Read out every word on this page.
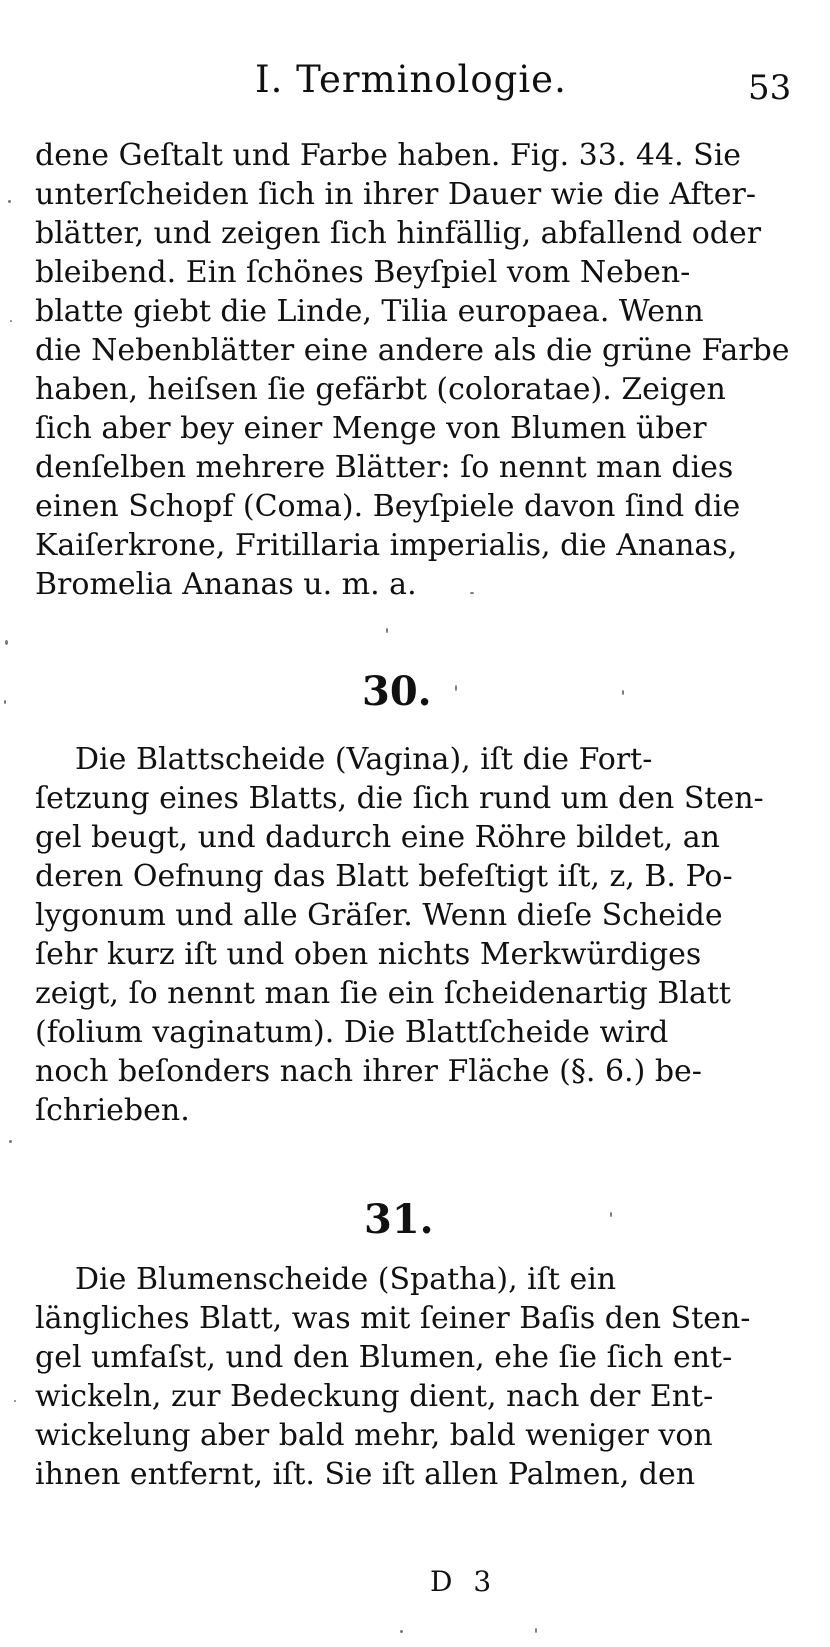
I. Terminologie.	53
dene Geſtalt und Farbe haben. Fig. 33. 44. Sie
unterſcheiden ſich in ihrer Dauer wie die After-
blätter, und zeigen ſich hinfällig, abfallend oder
bleibend. Ein ſchönes Beyſpiel vom Neben-
blatte giebt die Linde, Tilia europaea. Wenn
die Nebenblätter eine andere als die grüne Farbe
haben, heiſsen ſie gefärbt (coloratae). Zeigen
ſich aber bey einer Menge von Blumen über
denſelben mehrere Blätter: ſo nennt man dies
einen Schopf (Coma). Beyſpiele davon ſind die
Kaiſerkrone, Fritillaria imperialis, die Ananas,
Bromelia Ananas u. m. a.
30.
Die Blattscheide (Vagina), iſt die Fort-
ſetzung eines Blatts, die ſich rund um den Sten-
gel beugt, und dadurch eine Röhre bildet, an
deren Oefnung das Blatt befeſtigt iſt, z, B. Po-
lygonum und alle Gräſer. Wenn dieſe Scheide
ſehr kurz iſt und oben nichts Merkwürdiges
zeigt, ſo nennt man ſie ein ſcheidenartig Blatt
(folium vaginatum). Die Blattſcheide wird
noch beſonders nach ihrer Fläche (§. 6.) be-
ſchrieben.
31.
Die Blumenscheide (Spatha), iſt ein
längliches Blatt, was mit ſeiner Baſis den Sten-
gel umfaſst, und den Blumen, ehe ſie ſich ent-
wickeln, zur Bedeckung dient, nach der Ent-
wickelung aber bald mehr, bald weniger von
ihnen entfernt, iſt. Sie iſt allen Palmen, den
D 3
